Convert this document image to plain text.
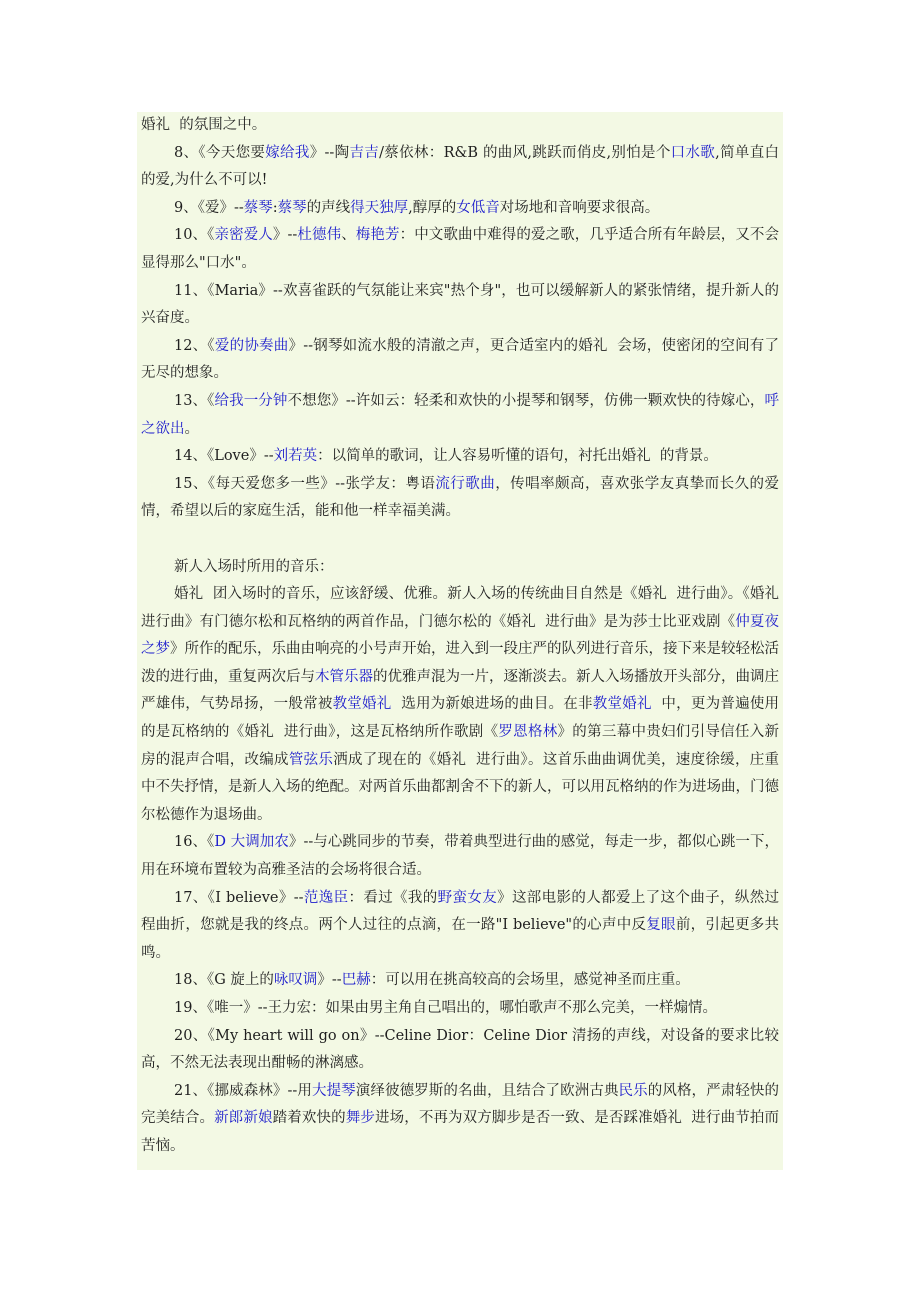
婚礼  的氛围之中。

8、《今天您要嫁给我》--陶吉吉/蔡依林：R&B 的曲风,跳跃而俏皮,别怕是个口水歌,简单直白的爱,为什么不可以!

9、《爱》--蔡琴:蔡琴的声线得天独厚,醇厚的女低音对场地和音响要求很高。

10、《亲密爱人》--杜德伟、梅艳芳：中文歌曲中难得的爱之歌，几乎适合所有年龄层，又不会显得那么"口水"。

11、《Maria》--欢喜雀跃的气氛能让来宾"热个身"，也可以缓解新人的紧张情绪，提升新人的兴奋度。

12、《爱的协奏曲》--钢琴如流水般的清澈之声，更合适室内的婚礼  会场，使密闭的空间有了无尽的想象。

13、《给我一分钟不想您》--许如云：轻柔和欢快的小提琴和钢琴，仿佛一颗欢快的待嫁心，呼之欲出。

14、《Love》--刘若英：以简单的歌词，让人容易听懂的语句，衬托出婚礼  的背景。

15、《每天爱您多一些》--张学友：粤语流行歌曲，传唱率颇高，喜欢张学友真挚而长久的爱情，希望以后的家庭生活，能和他一样幸福美满。

新人入场时所用的音乐：

婚礼  团入场时的音乐，应该舒缓、优雅。新人入场的传统曲目自然是《婚礼  进行曲》。《婚礼  进行曲》有门德尔松和瓦格纳的两首作品，门德尔松的《婚礼  进行曲》是为莎士比亚戏剧《仲夏夜之梦》所作的配乐，乐曲由响亮的小号声开始，进入到一段庄严的队列进行音乐，接下来是较轻松活泼的进行曲，重复两次后与木管乐器的优雅声混为一片，逐渐淡去。新人入场播放开头部分，曲调庄严雄伟，气势昂扬，一般常被教堂婚礼  选用为新娘进场的曲目。在非教堂婚礼  中，更为普遍使用的是瓦格纳的《婚礼  进行曲》，这是瓦格纳所作歌剧《罗恩格林》的第三幕中贵妇们引导信任入新房的混声合唱，改编成管弦乐洒成了现在的《婚礼  进行曲》。这首乐曲曲调优美，速度徐缓，庄重中不失抒情，是新人入场的绝配。对两首乐曲都割舍不下的新人，可以用瓦格纳的作为进场曲，门德尔松德作为退场曲。

16、《D 大调加农》--与心跳同步的节奏，带着典型进行曲的感觉，每走一步，都似心跳一下，用在环境布置较为高雅圣洁的会场将很合适。

17、《I believe》--范逸臣：看过《我的野蛮女友》这部电影的人都爱上了这个曲子，纵然过程曲折，您就是我的终点。两个人过往的点滴，在一路"I believe"的心声中反复眼前，引起更多共鸣。

18、《G 旋上的咏叹调》--巴赫：可以用在挑高较高的会场里，感觉神圣而庄重。

19、《唯一》--王力宏：如果由男主角自己唱出的，哪怕歌声不那么完美，一样煽情。

20、《My heart will go on》--Celine Dior：Celine Dior 清扬的声线，对设备的要求比较高，不然无法表现出酣畅的淋漓感。

21、《挪威森林》--用大提琴演绎彼德罗斯的名曲，且结合了欧洲古典民乐的风格，严肃轻快的完美结合。新郎新娘踏着欢快的舞步进场，不再为双方脚步是否一致、是否踩准婚礼  进行曲节拍而苦恼。
